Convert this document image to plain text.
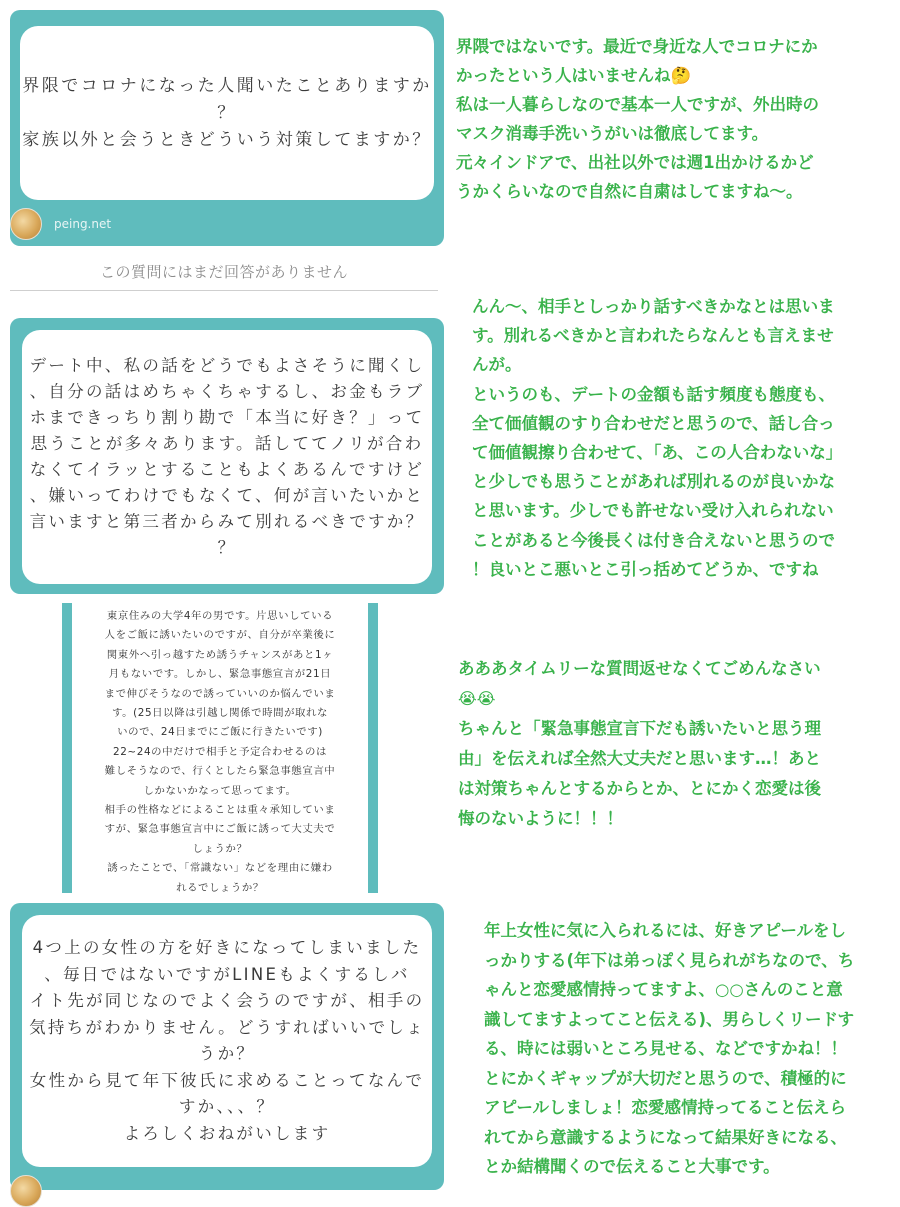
界限でコロナになった人聞いたことありますか
？
家族以外と会うときどういう対策してますか？
peing.net
この質問にはまだ回答がありません
界隈ではないです。最近で身近な人でコロナにか
かったという人はいませんね🤔
私は一人暮らしなので基本一人ですが、外出時の
マスク消毒手洗いうがいは徹底してます。
元々インドアで、出社以外では週1出かけるかど
うかくらいなので自然に自粛はしてますね〜。
デート中、私の話をどうでもよさそうに聞くし
、自分の話はめちゃくちゃするし、お金もラブ
ホまできっちり割り勘で「本当に好き？」って
思うことが多々あります。話しててノリが合わ
なくてイラッとすることもよくあるんですけど
、嫌いってわけでもなくて、何が言いたいかと
言いますと第三者からみて別れるべきですか？
？
んん〜、相手としっかり話すべきかなとは思いま
す。別れるべきかと言われたらなんとも言えませ
んが。
というのも、デートの金額も話す頻度も態度も、
全て価値観のすり合わせだと思うので、話し合っ
て価値観擦り合わせて、「あ、この人合わないな」
と少しでも思うことがあれば別れるのが良いかな
と思います。少しでも許せない受け入れられない
ことがあると今後長くは付き合えないと思うので
！良いとこ悪いとこ引っ括めてどうか、ですね
東京住みの大学4年の男です。片思いしている
人をご飯に誘いたいのですが、自分が卒業後に
関東外へ引っ越すため誘うチャンスがあと1ヶ
月もないです。しかし、緊急事態宣言が21日
まで伸びそうなので誘っていいのか悩んでいま
す。(25日以降は引越し関係で時間が取れな
いので、24日までにご飯に行きたいです)
22~24の中だけで相手と予定合わせるのは
難しそうなので、行くとしたら緊急事態宣言中
しかないかなって思ってます。
相手の性格などによることは重々承知していま
すが、緊急事態宣言中にご飯に誘って大丈夫で
しょうか？
誘ったことで、「常識ない」などを理由に嫌わ
れるでしょうか？
あああタイムリーな質問返せなくてごめんなさい
😭😭
ちゃんと「緊急事態宣言下だも誘いたいと思う理
由」を伝えれば全然大丈夫だと思います…！あと
は対策ちゃんとするからとか、とにかく恋愛は後
悔のないように！！！
4つ上の女性の方を好きになってしまいました
、毎日ではないですがLINEもよくするしバ
イト先が同じなのでよく会うのですが、相手の
気持ちがわかりません。どうすればいいでしょ
うか？
女性から見て年下彼氏に求めることってなんで
すか、、、？
よろしくおねがいします
年上女性に気に入られるには、好きアピールをし
っかりする(年下は弟っぽく見られがちなので、ち
ゃんと恋愛感情持ってますよ、○○さんのこと意
識してますよってこと伝える)、男らしくリードす
る、時には弱いところ見せる、などですかね！！
とにかくギャップが大切だと思うので、積極的に
アピールしましょ！恋愛感情持ってること伝えら
れてから意識するようになって結果好きになる、
とか結構聞くので伝えること大事です。
